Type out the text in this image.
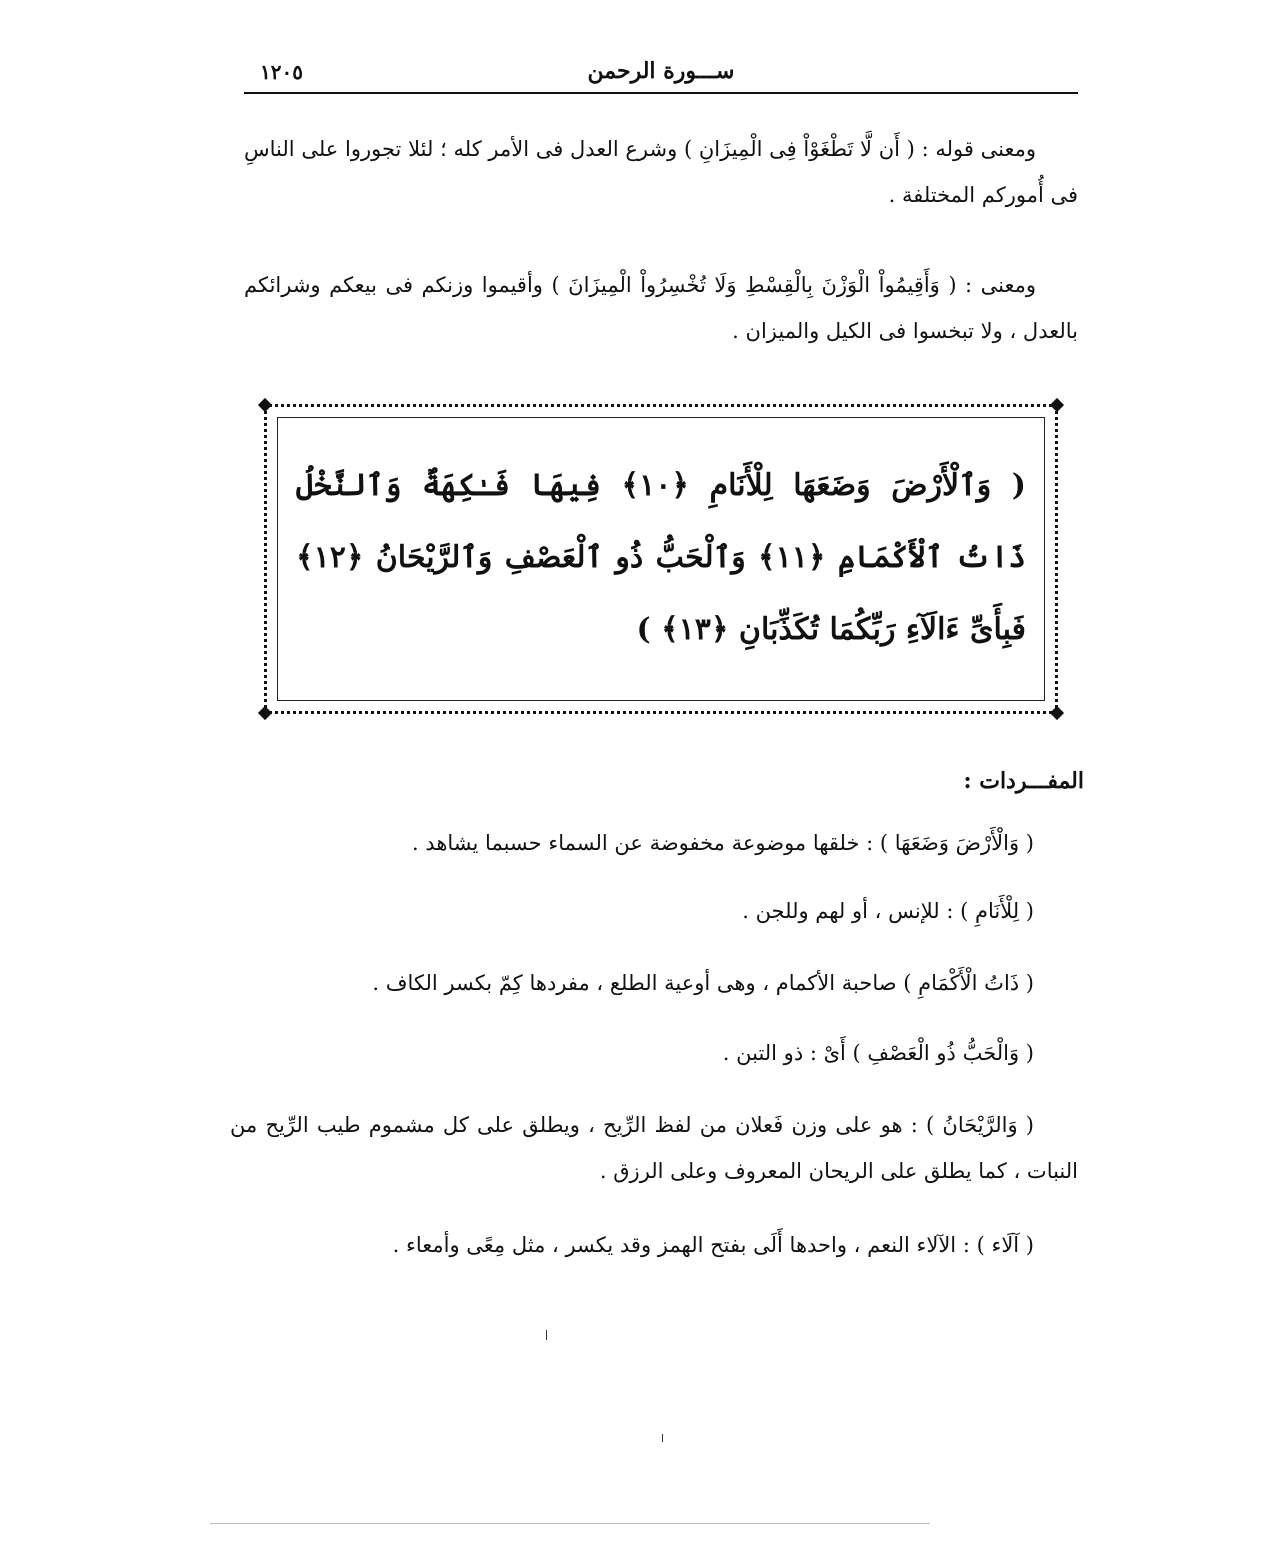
ســـورة الرحمن
١٢٠٥
ومعنى قوله : ( أَن لَّا تَطْغَوْاْ فِى الْمِيزَانِ ) وشرع العدل فى الأمر كله ؛ لئلا تجوروا على الناسِ فى أُموركم المختلفة .
ومعنى : ( وَأَقِيمُواْ الْوَزْنَ بِالْقِسْطِ وَلَا تُخْسِرُواْ الْمِيزَانَ ) وأقيموا وزنكم فى بيعكم وشرائكم بالعدل ، ولا تبخسوا فى الكيل والميزان .
( وَٱلْأَرْضَ وَضَعَهَا لِلْأَنَامِ ﴿١٠﴾ فِيهَا فَـٰكِهَةٌ وَٱلنَّخْلُ ذَاتُ ٱلْأَكْمَامِ ﴿١١﴾ وَٱلْحَبُّ ذُو ٱلْعَصْفِ وَٱلرَّيْحَانُ ﴿١٢﴾ فَبِأَىِّ ءَالَآءِ رَبِّكُمَا تُكَذِّبَانِ ﴿١٣﴾ )
المفـــردات :
( وَالْأَرْضَ وَضَعَهَا ) : خلقها موضوعة مخفوضة عن السماء حسبما يشاهد .
( لِلْأَنَامِ ) : للإنس ، أو لهم وللجن .
( ذَاتُ الْأَكْمَامِ ) صاحبة الأكمام ، وهى أوعية الطلع ، مفردها كِمّ بكسر الكاف .
( وَالْحَبُّ ذُو الْعَصْفِ ) أَىْ : ذو التبن .
( وَالرَّيْحَانُ ) : هو على وزن فَعلان من لفظ الرِّيح ، ويطلق على كل مشموم طيب الرِّيح من النبات ، كما يطلق على الريحان المعروف وعلى الرزق .
( آلَاء ) : الآلاء النعم ، واحدها أَلَى بفتح الهمز وقد يكسر ، مثل مِعًى وأمعاء .
